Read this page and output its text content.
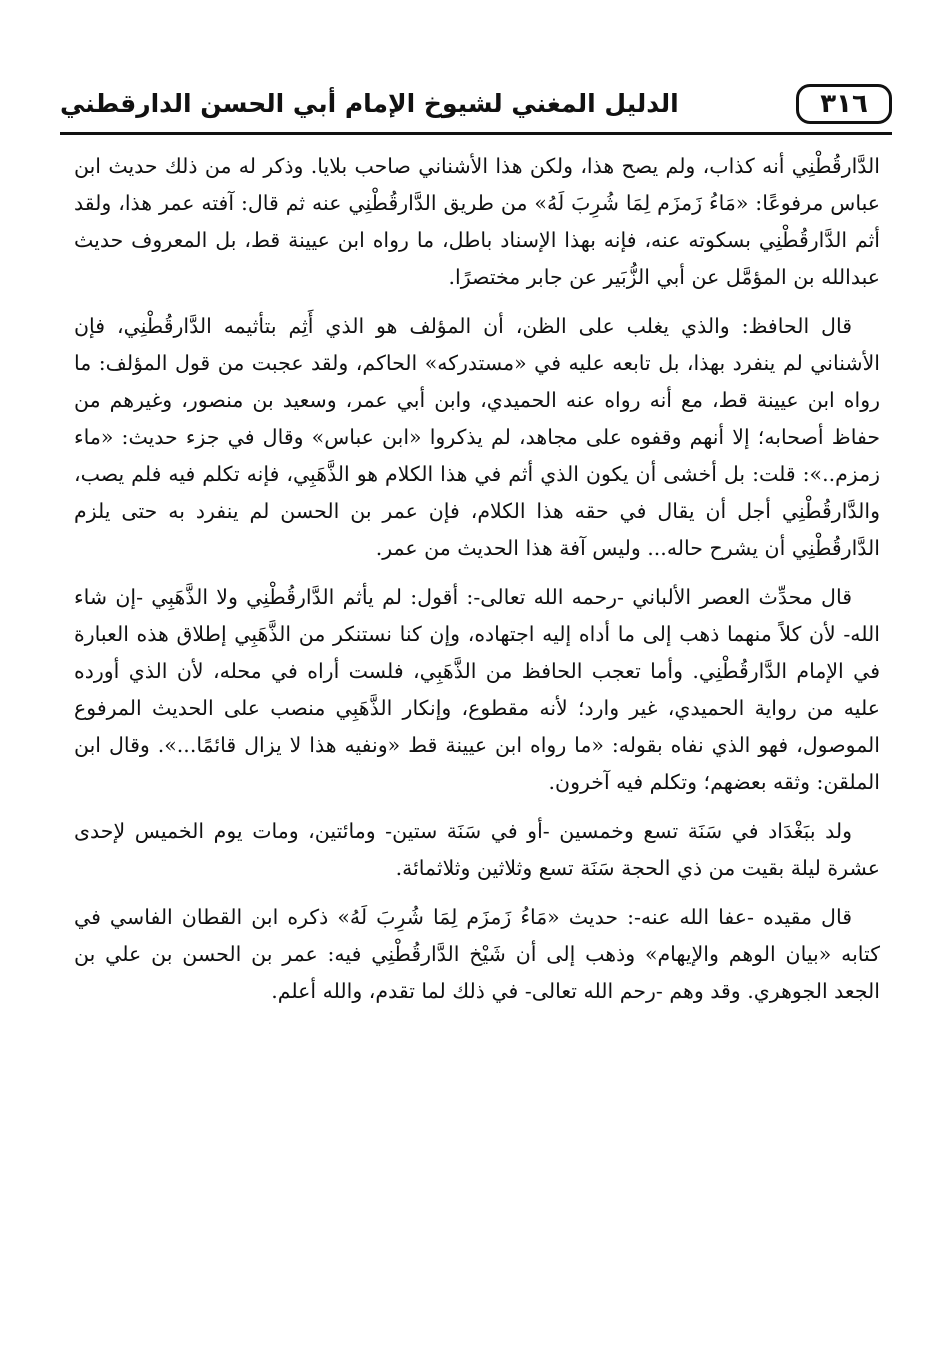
٣١٦
الدليل المغني لشيوخ الإمام أبي الحسن الدارقطني

الدَّارقُطْنِي أنه كذاب، ولم يصح هذا، ولكن هذا الأشناني صاحب بلايا. وذكر له من ذلك حديث ابن عباس مرفوعًا: «مَاءُ زَمزَم لِمَا شُرِبَ لَهُ» من طريق الدَّارقُطْنِي عنه ثم قال: آفته عمر هذا، ولقد أثم الدَّارقُطْنِي بسكوته عنه، فإنه بهذا الإسناد باطل، ما رواه ابن عيينة قط، بل المعروف حديث عبدالله بن المؤمَّل عن أبي الزُّبَير عن جابر مختصرًا.

قال الحافظ: والذي يغلب على الظن، أن المؤلف هو الذي أَثِم بتأثيمه الدَّارقُطْنِي، فإن الأشناني لم ينفرد بهذا، بل تابعه عليه في «مستدركه» الحاكم، ولقد عجبت من قول المؤلف: ما رواه ابن عيينة قط، مع أنه رواه عنه الحميدي، وابن أبي عمر، وسعيد بن منصور، وغيرهم من حفاظ أصحابه؛ إلا أنهم وقفوه على مجاهد، لم يذكروا «ابن عباس» وقال في جزء حديث: «ماء زمزم..»: قلت: بل أخشى أن يكون الذي أثم في هذا الكلام هو الذَّهَبِي، فإنه تكلم فيه فلم يصب، والدَّارقُطْنِي أجل أن يقال في حقه هذا الكلام، فإن عمر بن الحسن لم ينفرد به حتى يلزم الدَّارقُطْنِي أن يشرح حاله... وليس آفة هذا الحديث من عمر.

قال محدِّث العصر الألباني -رحمه الله تعالى-: أقول: لم يأثم الدَّارقُطْنِي ولا الذَّهَبِي -إن شاء الله- لأن كلاً منهما ذهب إلى ما أداه إليه اجتهاده، وإن كنا نستنكر من الذَّهَبِي إطلاق هذه العبارة في الإمام الدَّارقُطْنِي. وأما تعجب الحافظ من الذَّهَبِي، فلست أراه في محله، لأن الذي أورده عليه من رواية الحميدي، غير وارد؛ لأنه مقطوع، وإنكار الذَّهَبِي منصب على الحديث المرفوع الموصول، فهو الذي نفاه بقوله: «ما رواه ابن عيينة قط «ونفيه هذا لا يزال قائمًا...». وقال ابن الملقن: وثقه بعضهم؛ وتكلم فيه آخرون.

ولد ببَغْدَاد في سَنَة تسع وخمسين -أو في سَنَة ستين- ومائتين، ومات يوم الخميس لإحدى عشرة ليلة بقيت من ذي الحجة سَنَة تسع وثلاثين وثلاثمائة.

قال مقيده -عفا الله عنه-: حديث «مَاءُ زَمزَم لِمَا شُرِبَ لَهُ» ذكره ابن القطان الفاسي في كتابه «بيان الوهم والإيهام» وذهب إلى أن شَيْخ الدَّارقُطْنِي فيه: عمر بن الحسن بن علي بن الجعد الجوهري. وقد وهم -رحم الله تعالى- في ذلك لما تقدم، والله أعلم.
